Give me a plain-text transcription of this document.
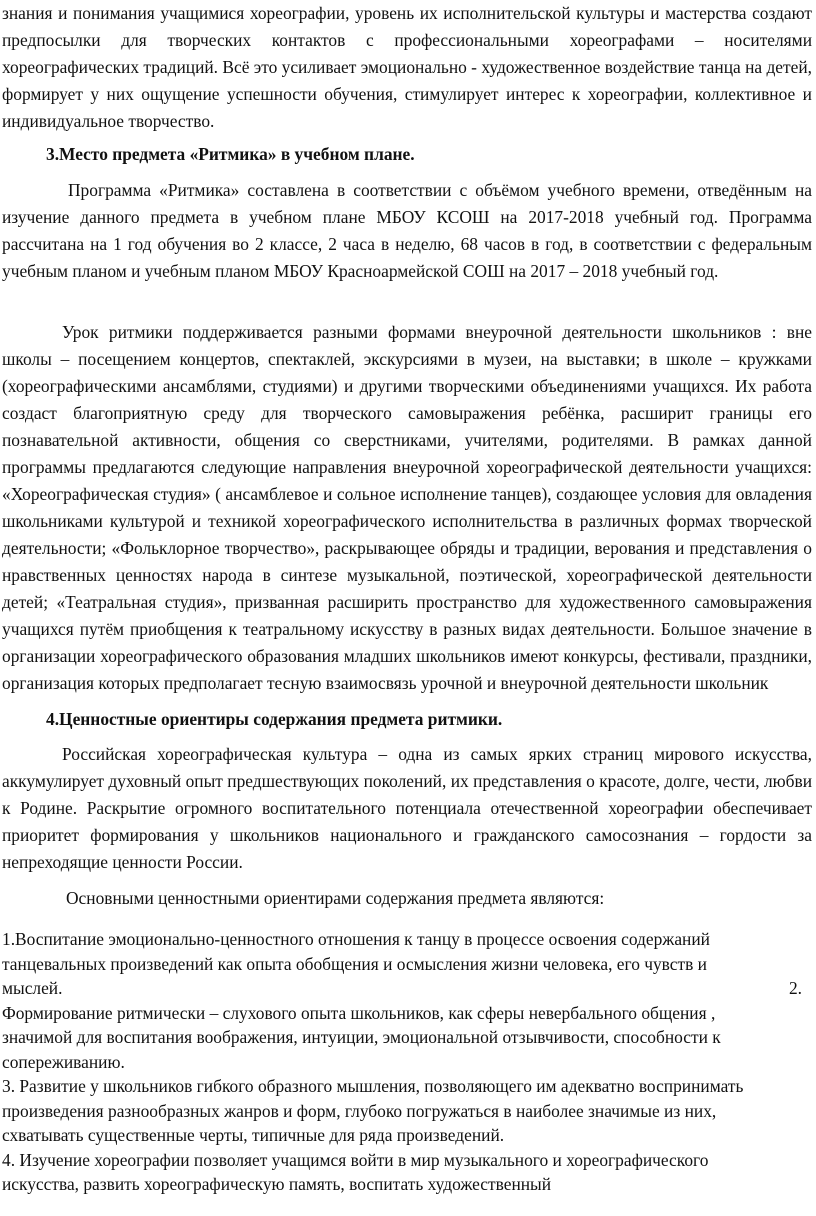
знания и понимания учащимися хореографии, уровень их исполнительской культуры и мастерства создают предпосылки для творческих контактов с профессиональными хореографами – носителями хореографических традиций. Всё это усиливает эмоционально - художественное воздействие танца на детей, формирует у них ощущение успешности обучения, стимулирует интерес к хореографии, коллективное и индивидуальное творчество.

3.Место предмета «Ритмика» в учебном плане.

Программа «Ритмика» составлена в соответствии с объёмом учебного времени, отведённым на изучение данного предмета в учебном плане МБОУ КСОШ на 2017-2018 учебный год. Программа рассчитана на 1 год обучения во 2 классе, 2 часа в неделю, 68 часов в год, в соответствии с федеральным учебным планом и учебным планом МБОУ Красноармейской СОШ на 2017 – 2018 учебный год.

Урок ритмики поддерживается разными формами внеурочной деятельности школьников : вне школы – посещением концертов, спектаклей, экскурсиями в музеи, на выставки; в школе – кружками (хореографическими ансамблями, студиями) и другими творческими объединениями учащихся. Их работа создаст благоприятную среду для творческого самовыражения ребёнка, расширит границы его познавательной активности, общения со сверстниками, учителями, родителями. В рамках данной программы предлагаются следующие направления внеурочной хореографической деятельности учащихся: «Хореографическая студия» ( ансамблевое и сольное исполнение танцев), создающее условия для овладения школьниками культурой и техникой хореографического исполнительства в различных формах творческой деятельности; «Фольклорное творчество», раскрывающее обряды и традиции, верования и представления о нравственных ценностях народа в синтезе музыкальной, поэтической, хореографической деятельности детей; «Театральная студия», призванная расширить пространство для художественного самовыражения учащихся путём приобщения к театральному искусству в разных видах деятельности. Большое значение в организации хореографического образования младших школьников имеют конкурсы, фестивали, праздники, организация которых предполагает тесную взаимосвязь урочной и внеурочной деятельности школьник

4.Ценностные ориентиры содержания предмета ритмики.

Российская хореографическая культура – одна из самых ярких страниц мирового искусства, аккумулирует духовный опыт предшествующих поколений, их представления о красоте, долге, чести, любви к Родине. Раскрытие огромного воспитательного потенциала отечественной хореографии обеспечивает приоритет формирования у школьников национального и гражданского самосознания – гордости за непреходящие ценности России.

Основными ценностными ориентирами содержания предмета являются:

1.Воспитание эмоционально-ценностного отношения к танцу в процессе освоения содержаний
танцевальных произведений как опыта обобщения и осмысления жизни человека, его чувств и
мыслей.	2.
Формирование ритмически – слухового опыта школьников, как сферы невербального общения ,
значимой для воспитания воображения, интуиции, эмоциональной отзывчивости, способности к
сопереживанию.
3. Развитие у школьников гибкого образного мышления, позволяющего им адекватно воспринимать
произведения разнообразных жанров и форм, глубоко погружаться в наиболее значимые из них,
схватывать существенные черты, типичные для ряда произведений.
4. Изучение хореографии позволяет учащимся войти в мир музыкального и хореографического
искусства, развить хореографическую память, воспитать художественный
